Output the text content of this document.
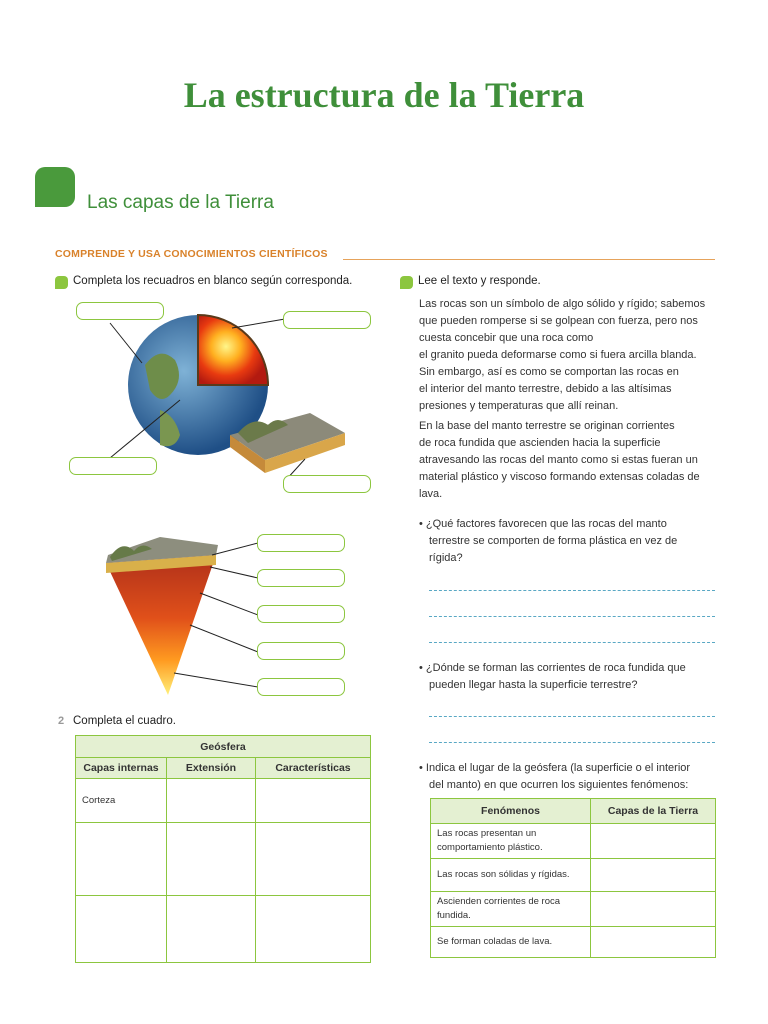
La estructura de la Tierra
Las capas de la Tierra
COMPRENDE Y USA CONOCIMIENTOS CIENTÍFICOS
Completa los recuadros en blanco según corresponda.
2 Completa el cuadro.
Geósfera		
Capas internas	Extensión	Características
Corteza		

Lee el texto y responde.
Las rocas son un símbolo de algo sólido y rígido; sabemos
que pueden romperse si se golpean con fuerza, pero nos
cuesta concebir que una roca como
el granito pueda deformarse como si fuera arcilla blanda.
Sin embargo, así es como se comportan las rocas en
el interior del manto terrestre, debido a las altísimas
presiones y temperaturas que allí reinan.
En la base del manto terrestre se originan corrientes
de roca fundida que ascienden hacia la superficie
atravesando las rocas del manto como si estas fueran un
material plástico y viscoso formando extensas coladas de
lava.
• ¿Qué factores favorecen que las rocas del manto
terrestre se comporten de forma plástica en vez de
rígida?
• ¿Dónde se forman las corrientes de roca fundida que
pueden llegar hasta la superficie terrestre?
• Indica el lugar de la geósfera (la superficie o el interior
del manto) en que ocurren los siguientes fenómenos:
Fenómenos	Capas de la Tierra
Las rocas presentan un comportamiento plástico.	
Las rocas son sólidas y rígidas.	
Ascienden corrientes de roca fundida.	
Se forman coladas de lava.	
